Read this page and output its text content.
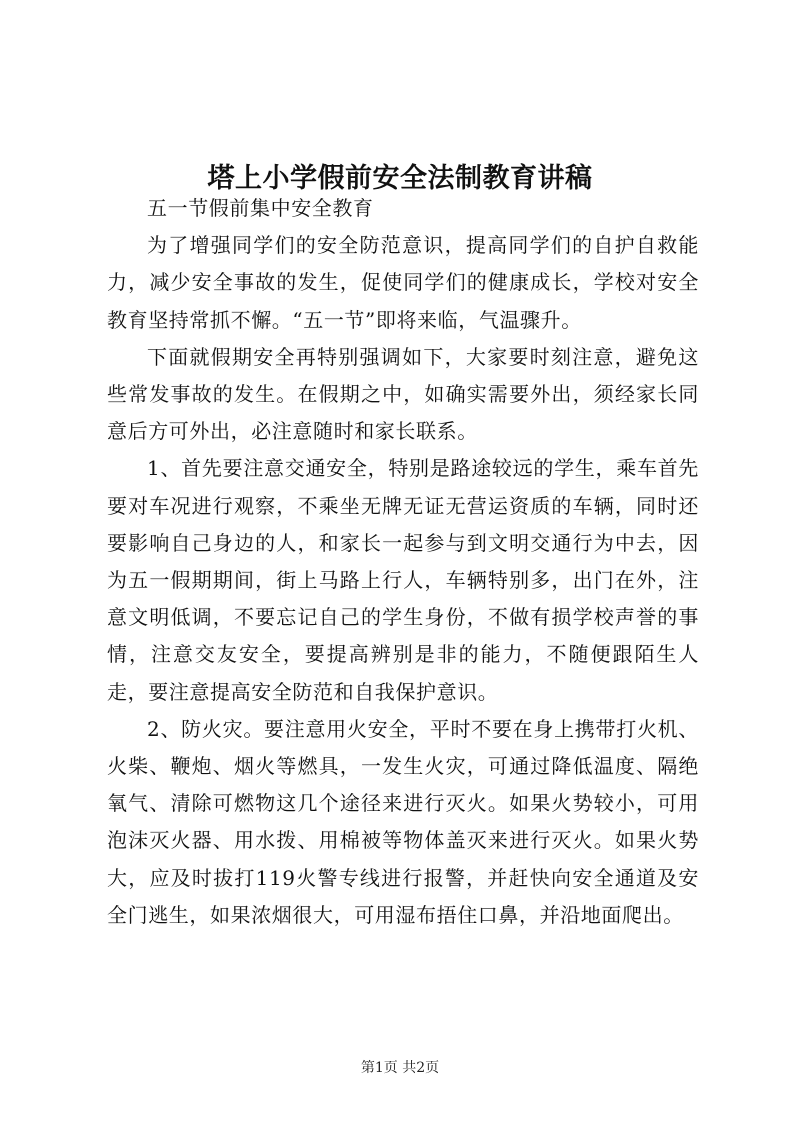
塔上小学假前安全法制教育讲稿

五一节假前集中安全教育

为了增强同学们的安全防范意识，提高同学们的自护自救能力，减少安全事故的发生，促使同学们的健康成长，学校对安全教育坚持常抓不懈。“五一节”即将来临，气温骤升。

下面就假期安全再特别强调如下，大家要时刻注意，避免这些常发事故的发生。在假期之中，如确实需要外出，须经家长同意后方可外出，必注意随时和家长联系。

1、首先要注意交通安全，特别是路途较远的学生，乘车首先要对车况进行观察，不乘坐无牌无证无营运资质的车辆，同时还要影响自己身边的人，和家长一起参与到文明交通行为中去，因为五一假期期间，街上马路上行人，车辆特别多，出门在外，注意文明低调，不要忘记自己的学生身份，不做有损学校声誉的事情，注意交友安全，要提高辨别是非的能力，不随便跟陌生人走，要注意提高安全防范和自我保护意识。

2、防火灾。要注意用火安全，平时不要在身上携带打火机、火柴、鞭炮、烟火等燃具，一发生火灾，可通过降低温度、隔绝氧气、清除可燃物这几个途径来进行灭火。如果火势较小，可用泡沫灭火器、用水拨、用棉被等物体盖灭来进行灭火。如果火势大，应及时拔打119火警专线进行报警，并赶快向安全通道及安全门逃生，如果浓烟很大，可用湿布捂住口鼻，并沿地面爬出。

第1页 共2页
